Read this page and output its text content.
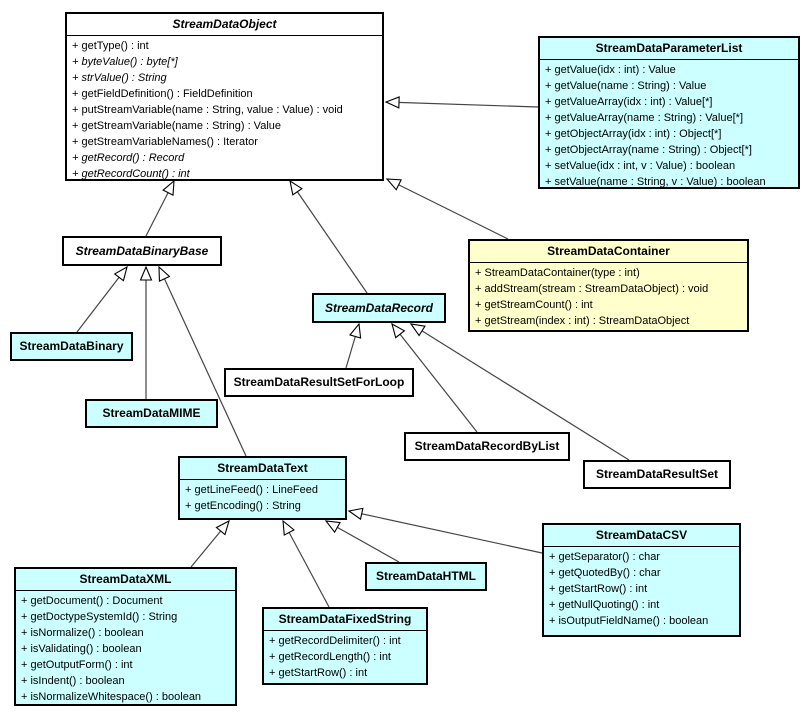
StreamDataObject
+ getType() : int
+ byteValue() : byte[*]
+ strValue() : String
+ getFieldDefinition() : FieldDefinition
+ putStreamVariable(name : String, value : Value) : void
+ getStreamVariable(name : String) : Value
+ getStreamVariableNames() : Iterator
+ getRecord() : Record
+ getRecordCount() : int
StreamDataParameterList
+ getValue(idx : int) : Value
+ getValue(name : String) : Value
+ getValueArray(idx : int) : Value[*]
+ getValueArray(name : String) : Value[*]
+ getObjectArray(idx : int) : Object[*]
+ getObjectArray(name : String) : Object[*]
+ setValue(idx : int, v : Value) : boolean
+ setValue(name : String, v : Value) : boolean
StreamDataBinaryBase	StreamDataContainer
+ StreamDataContainer(type : int)
+ addStream(stream : StreamDataObject) : void
+ getStreamCount() : int
+ getStream(index : int) : StreamDataObject
StreamDataRecord
StreamDataBinary
StreamDataResultSetForLoop
StreamDataMIME
StreamDataRecordByList
StreamDataResultSet
StreamDataText
+ getLineFeed() : LineFeed
+ getEncoding() : String
StreamDataCSV
+ getSeparator() : char
+ getQuotedBy() : char
+ getStartRow() : int
+ getNullQuoting() : int
+ isOutputFieldName() : boolean
StreamDataXML
+ getDocument() : Document
+ getDoctypeSystemId() : String
+ isNormalize() : boolean
+ isValidating() : boolean
+ getOutputForm() : int
+ isIndent() : boolean
+ isNormalizeWhitespace() : boolean
StreamDataHTML
StreamDataFixedString
+ getRecordDelimiter() : int
+ getRecordLength() : int
+ getStartRow() : int
